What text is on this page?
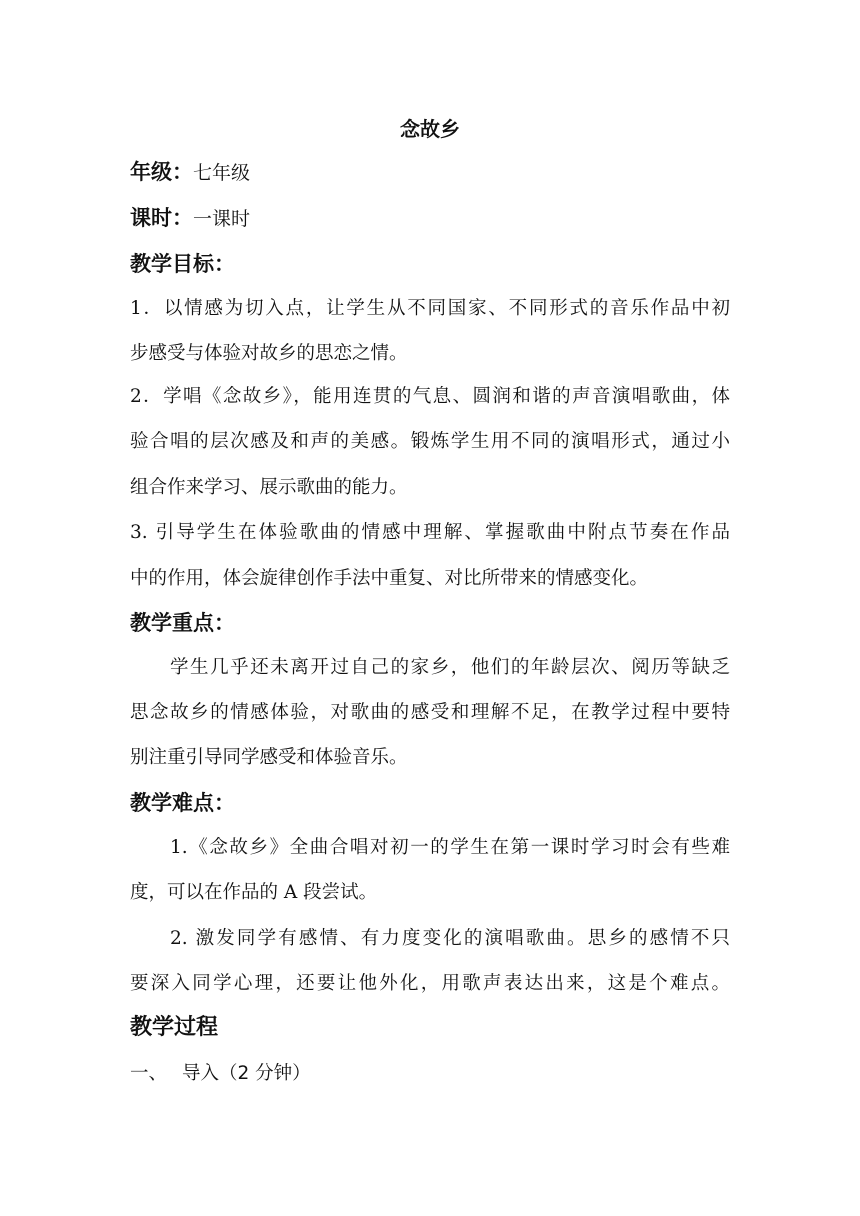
念故乡
年级：七年级
课时：一课时
教学目标：
1．以情感为切入点，让学生从不同国家、不同形式的音乐作品中初
步感受与体验对故乡的思恋之情。
2．学唱《念故乡》，能用连贯的气息、圆润和谐的声音演唱歌曲，体
验合唱的层次感及和声的美感。锻炼学生用不同的演唱形式，通过小
组合作来学习、展示歌曲的能力。
3. 引导学生在体验歌曲的情感中理解、掌握歌曲中附点节奏在作品
中的作用，体会旋律创作手法中重复、对比所带来的情感变化。
教学重点：
学生几乎还未离开过自己的家乡，他们的年龄层次、阅历等缺乏
思念故乡的情感体验，对歌曲的感受和理解不足，在教学过程中要特
别注重引导同学感受和体验音乐。
教学难点：
1.《念故乡》全曲合唱对初一的学生在第一课时学习时会有些难
度，可以在作品的 A 段尝试。
2. 激发同学有感情、有力度变化的演唱歌曲。思乡的感情不只
要深入同学心理，还要让他外化，用歌声表达出来，这是个难点。
教学过程
一、 导入（2 分钟）
